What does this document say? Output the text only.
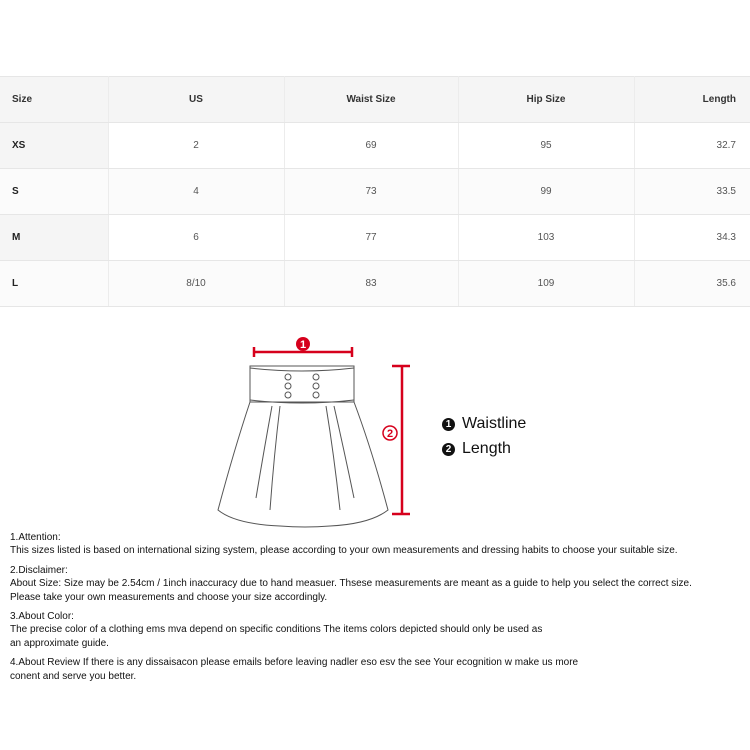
Size	US	Waist Size	Hip Size	Length
XS	2	69	95	32.7
S	4	73	99	33.5
M	6	77	103	34.3
L	8/10	83	109	35.6
1
2
1 Waistline
2 Length

1.Attention:

This sizes listed is based on international sizing system, please according to your own measurements and dressing habits to choose your suitable size.

2.Disclaimer:

About Size: Size may be 2.54cm / 1inch inaccuracy due to hand measuer. Thsese measurements are meant as a guide to help you select the correct size.

Please take your own measurements and choose your size accordingly.

3.About Color:

The precise color of a clothing ems mva depend on specific conditions The items colors depicted should only be used as

an approximate guide.

4.About Review If there is any dissaisacon please emails before leaving nadler eso esv the see Your ecognition w make us more

conent and serve you better.
